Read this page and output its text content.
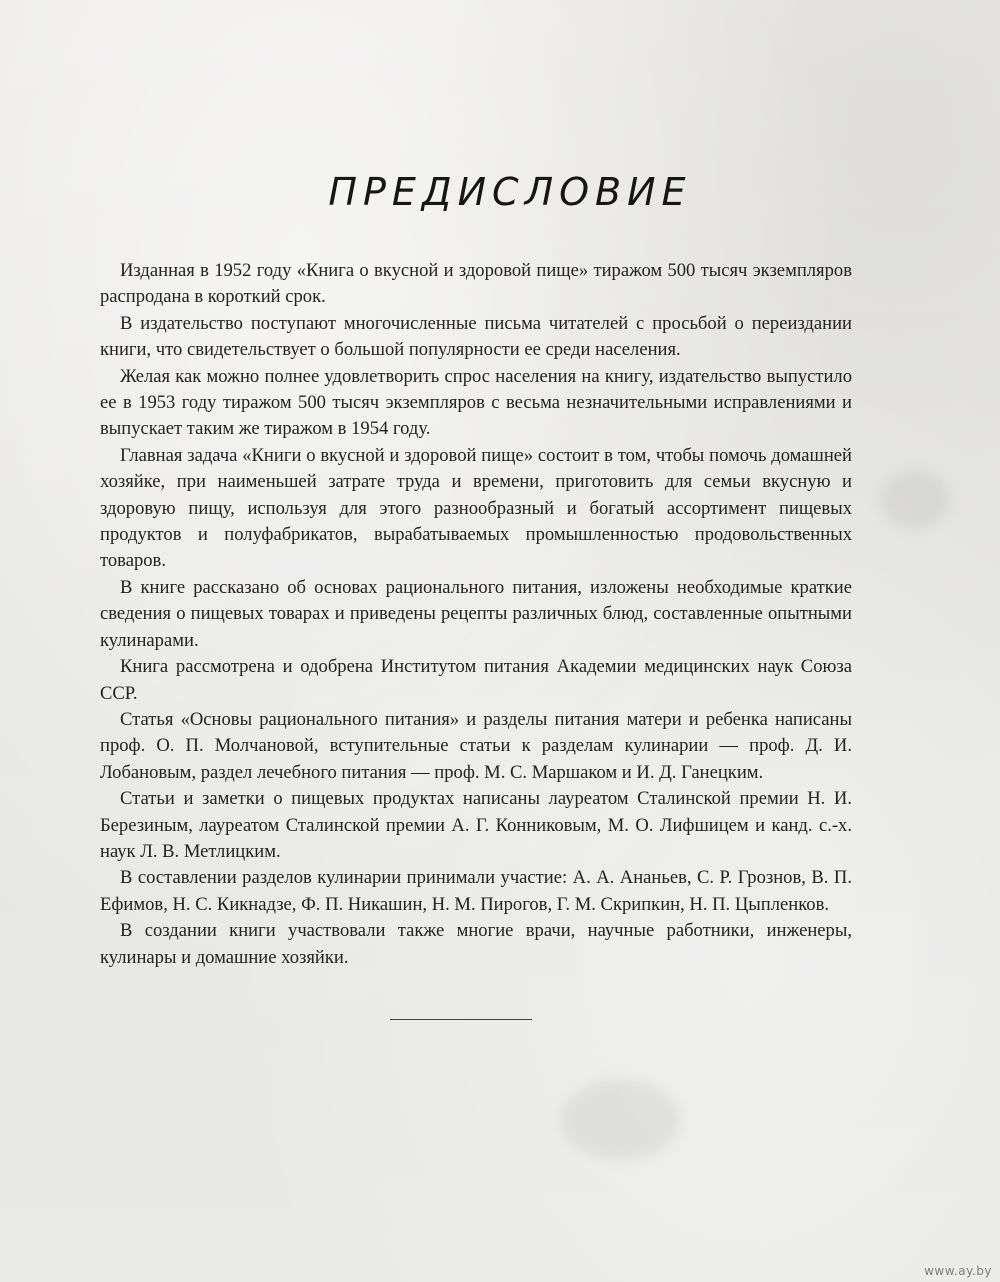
ПРЕДИСЛОВИЕ

Изданная в 1952 году «Книга о вкусной и здоровой пище» тиражом 500 тысяч экземпляров распродана в короткий срок.

В издательство поступают многочисленные письма читателей с просьбой о переиздании книги, что свидетельствует о большой популярности ее среди населения.

Желая как можно полнее удовлетворить спрос населения на книгу, издательство выпустило ее в 1953 году тиражом 500 тысяч экземпляров с весьма незначительными исправлениями и выпускает таким же тиражом в 1954 году.

Главная задача «Книги о вкусной и здоровой пище» состоит в том, чтобы помочь домашней хозяйке, при наименьшей затрате труда и времени, приготовить для семьи вкусную и здоровую пищу, используя для этого разнообразный и богатый ассортимент пищевых продуктов и полуфабрикатов, вырабатываемых промышленностью продовольственных товаров.

В книге рассказано об основах рационального питания, изложены необходимые краткие сведения о пищевых товарах и приведены рецепты различных блюд, составленные опытными кулинарами.

Книга рассмотрена и одобрена Институтом питания Академии медицинских наук Союза ССР.

Статья «Основы рационального питания» и разделы питания матери и ребенка написаны проф. О. П. Молчановой, вступительные статьи к разделам кулинарии — проф. Д. И. Лобановым, раздел лечебного питания — проф. М. С. Маршаком и И. Д. Ганецким.

Статьи и заметки о пищевых продуктах написаны лауреатом Сталинской премии Н. И. Березиным, лауреатом Сталинской премии А. Г. Конниковым, М. О. Лифшицем и канд. с.-х. наук Л. В. Метлицким.

В составлении разделов кулинарии принимали участие: А. А. Ананьев, С. Р. Грознов, В. П. Ефимов, Н. С. Кикнадзе, Ф. П. Никашин, Н. М. Пирогов, Г. М. Скрипкин, Н. П. Цыпленков.

В создании книги участвовали также многие врачи, научные работники, инженеры, кулинары и домашние хозяйки.

www.ay.by
